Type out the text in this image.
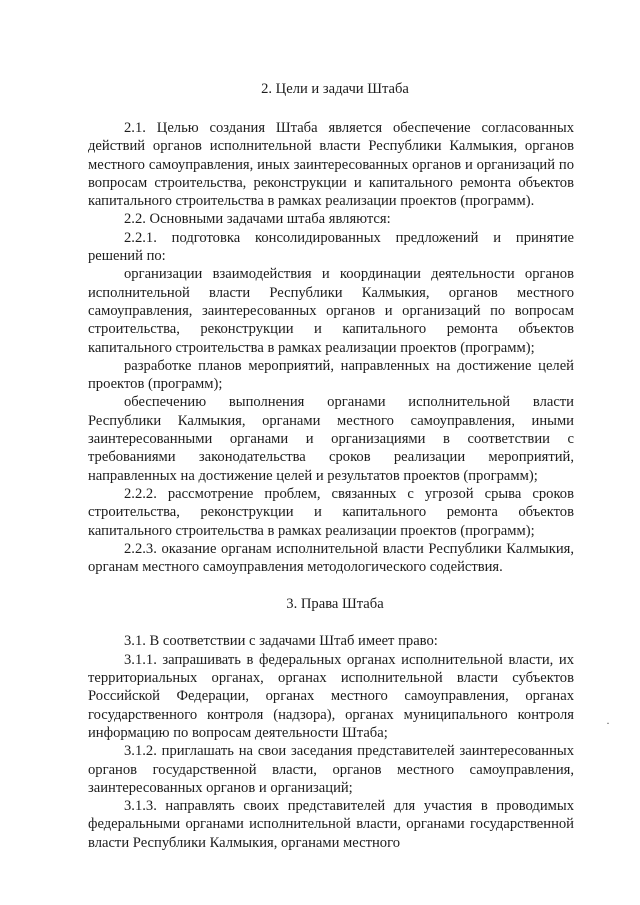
2. Цели и задачи Штаба

2.1. Целью создания Штаба является обеспечение согласованных действий органов исполнительной власти Республики Калмыкия, органов местного самоуправления, иных заинтересованных органов и организаций по вопросам строительства, реконструкции и капитального ремонта объектов капитального строительства в рамках реализации проектов (программ).

2.2. Основными задачами штаба являются:

2.2.1. подготовка консолидированных предложений и принятие решений по:

организации взаимодействия и координации деятельности органов исполнительной власти Республики Калмыкия, органов местного самоуправления, заинтересованных органов и организаций по вопросам строительства, реконструкции и капитального ремонта объектов капитального строительства в рамках реализации проектов (программ);

разработке планов мероприятий, направленных на достижение целей проектов (программ);

обеспечению выполнения органами исполнительной власти Республики Калмыкия, органами местного самоуправления, иными заинтересованными органами и организациями в соответствии с требованиями законодательства сроков реализации мероприятий, направленных на достижение целей и результатов проектов (программ);

2.2.2. рассмотрение проблем, связанных с угрозой срыва сроков строительства, реконструкции и капитального ремонта объектов капитального строительства в рамках реализации проектов (программ);

2.2.3. оказание органам исполнительной власти Республики Калмыкия, органам местного самоуправления методологического содействия.

3. Права Штаба

3.1. В соответствии с задачами Штаб имеет право:

3.1.1. запрашивать в федеральных органах исполнительной власти, их территориальных органах, органах исполнительной власти субъектов Российской Федерации, органах местного самоуправления, органах государственного контроля (надзора), органах муниципального контроля информацию по вопросам деятельности Штаба;

3.1.2. приглашать на свои заседания представителей заинтересованных органов государственной власти, органов местного самоуправления, заинтересованных органов и организаций;

3.1.3. направлять своих представителей для участия в проводимых федеральными органами исполнительной власти, органами государственной власти Республики Калмыкия, органами местного

·
